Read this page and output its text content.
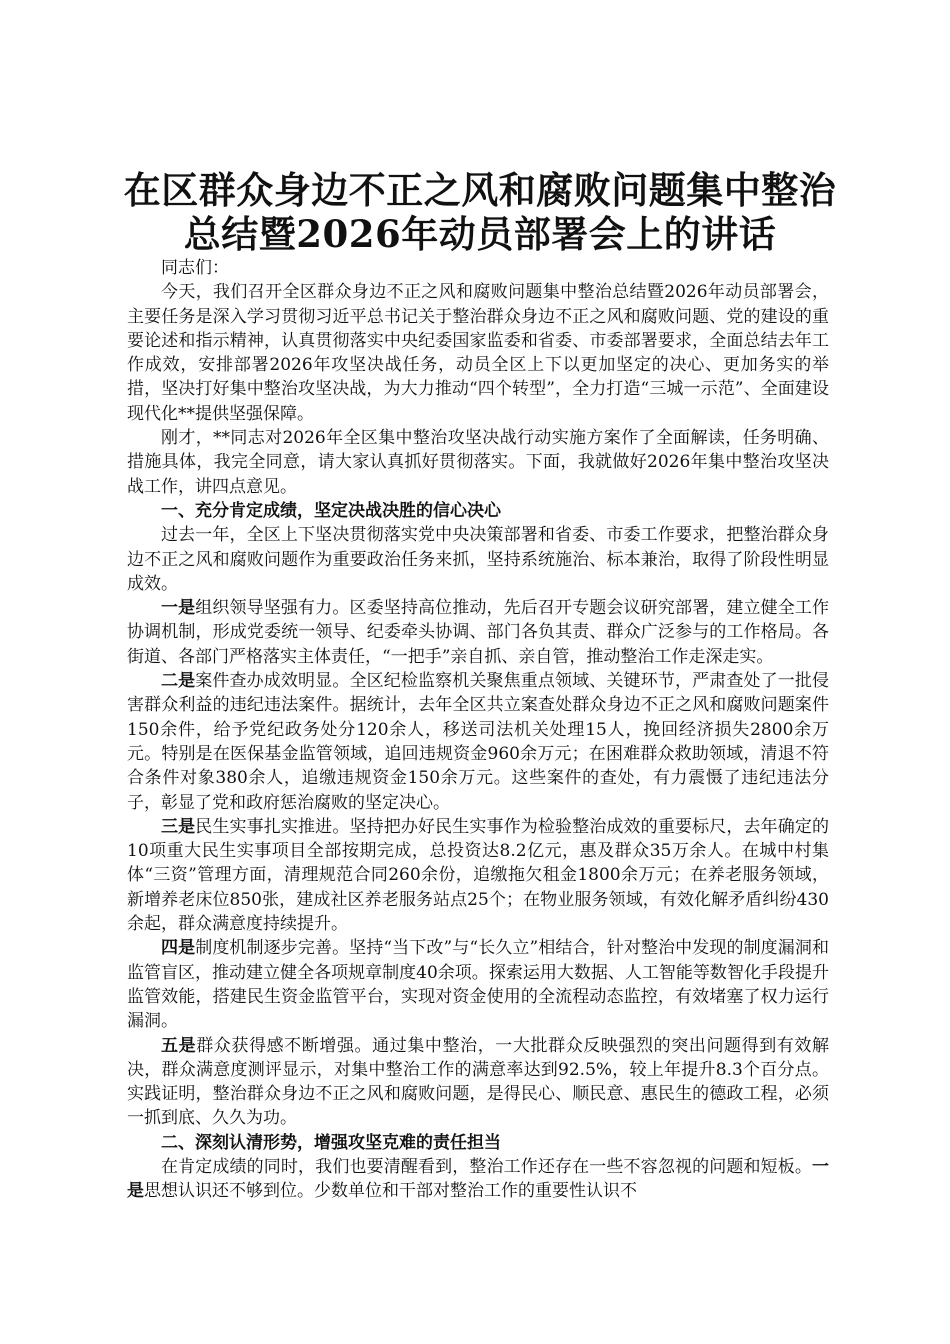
在区群众身边不正之风和腐败问题集中整治总结暨2026年动员部署会上的讲话

同志们：

今天，我们召开全区群众身边不正之风和腐败问题集中整治总结暨2026年动员部署会，主要任务是深入学习贯彻习近平总书记关于整治群众身边不正之风和腐败问题、党的建设的重要论述和指示精神，认真贯彻落实中央纪委国家监委和省委、市委部署要求，全面总结去年工作成效，安排部署2026年攻坚决战任务，动员全区上下以更加坚定的决心、更加务实的举措，坚决打好集中整治攻坚决战，为大力推动“四个转型”，全力打造“三城一示范”、全面建设现代化**提供坚强保障。

刚才，**同志对2026年全区集中整治攻坚决战行动实施方案作了全面解读，任务明确、措施具体，我完全同意，请大家认真抓好贯彻落实。下面，我就做好2026年集中整治攻坚决战工作，讲四点意见。

一、充分肯定成绩，坚定决战决胜的信心决心

过去一年，全区上下坚决贯彻落实党中央决策部署和省委、市委工作要求，把整治群众身边不正之风和腐败问题作为重要政治任务来抓，坚持系统施治、标本兼治，取得了阶段性明显成效。

一是组织领导坚强有力。区委坚持高位推动，先后召开专题会议研究部署，建立健全工作协调机制，形成党委统一领导、纪委牵头协调、部门各负其责、群众广泛参与的工作格局。各街道、各部门严格落实主体责任，“一把手”亲自抓、亲自管，推动整治工作走深走实。

二是案件查办成效明显。全区纪检监察机关聚焦重点领域、关键环节，严肃查处了一批侵害群众利益的违纪违法案件。据统计，去年全区共立案查处群众身边不正之风和腐败问题案件150余件，给予党纪政务处分120余人，移送司法机关处理15人，挽回经济损失2800余万元。特别是在医保基金监管领域，追回违规资金960余万元；在困难群众救助领域，清退不符合条件对象380余人，追缴违规资金150余万元。这些案件的查处，有力震慑了违纪违法分子，彰显了党和政府惩治腐败的坚定决心。

三是民生实事扎实推进。坚持把办好民生实事作为检验整治成效的重要标尺，去年确定的10项重大民生实事项目全部按期完成，总投资达8.2亿元，惠及群众35万余人。在城中村集体“三资”管理方面，清理规范合同260余份，追缴拖欠租金1800余万元；在养老服务领域，新增养老床位850张，建成社区养老服务站点25个；在物业服务领域，有效化解矛盾纠纷430余起，群众满意度持续提升。

四是制度机制逐步完善。坚持“当下改”与“长久立”相结合，针对整治中发现的制度漏洞和监管盲区，推动建立健全各项规章制度40余项。探索运用大数据、人工智能等数智化手段提升监管效能，搭建民生资金监管平台，实现对资金使用的全流程动态监控，有效堵塞了权力运行漏洞。

五是群众获得感不断增强。通过集中整治，一大批群众反映强烈的突出问题得到有效解决，群众满意度测评显示，对集中整治工作的满意率达到92.5%，较上年提升8.3个百分点。实践证明，整治群众身边不正之风和腐败问题，是得民心、顺民意、惠民生的德政工程，必须一抓到底、久久为功。

二、深刻认清形势，增强攻坚克难的责任担当

在肯定成绩的同时，我们也要清醒看到，整治工作还存在一些不容忽视的问题和短板。一是思想认识还不够到位。少数单位和干部对整治工作的重要性认识不
